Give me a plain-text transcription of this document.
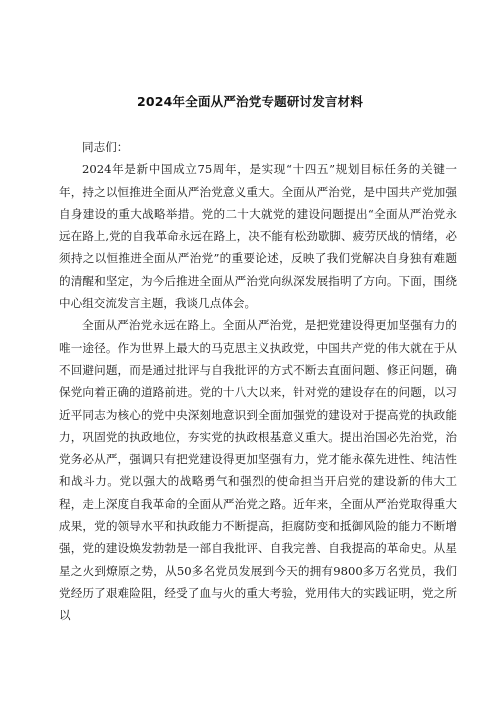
2024年全面从严治党专题研讨发言材料

同志们：

2024年是新中国成立75周年，是实现“十四五”规划目标任务的关键一年，持之以恒推进全面从严治党意义重大。全面从严治党，是中国共产党加强自身建设的重大战略举措。党的二十大就党的建设问题提出“全面从严治党永远在路上,党的自我革命永远在路上，决不能有松劲歇脚、疲劳厌战的情绪，必须持之以恒推进全面从严治党”的重要论述，反映了我们党解决自身独有难题的清醒和坚定，为今后推进全面从严治党向纵深发展指明了方向。下面，围绕中心组交流发言主题，我谈几点体会。

全面从严治党永远在路上。全面从严治党，是把党建设得更加坚强有力的唯一途径。作为世界上最大的马克思主义执政党，中国共产党的伟大就在于从不回避问题，而是通过批评与自我批评的方式不断去直面问题、修正问题，确保党向着正确的道路前进。党的十八大以来，针对党的建设存在的问题，以习近平同志为核心的党中央深刻地意识到全面加强党的建设对于提高党的执政能力，巩固党的执政地位，夯实党的执政根基意义重大。提出治国必先治党，治党务必从严，强调只有把党建设得更加坚强有力，党才能永葆先进性、纯洁性和战斗力。党以强大的战略勇气和强烈的使命担当开启党的建设新的伟大工程，走上深度自我革命的全面从严治党之路。近年来，全面从严治党取得重大成果，党的领导水平和执政能力不断提高，拒腐防变和抵御风险的能力不断增强，党的建设焕发勃勃是一部自我批评、自我完善、自我提高的革命史。从星星之火到燎原之势，从50多名党员发展到今天的拥有9800多万名党员，我们党经历了艰难险阻，经受了血与火的重大考验，党用伟大的实践证明，党之所以
